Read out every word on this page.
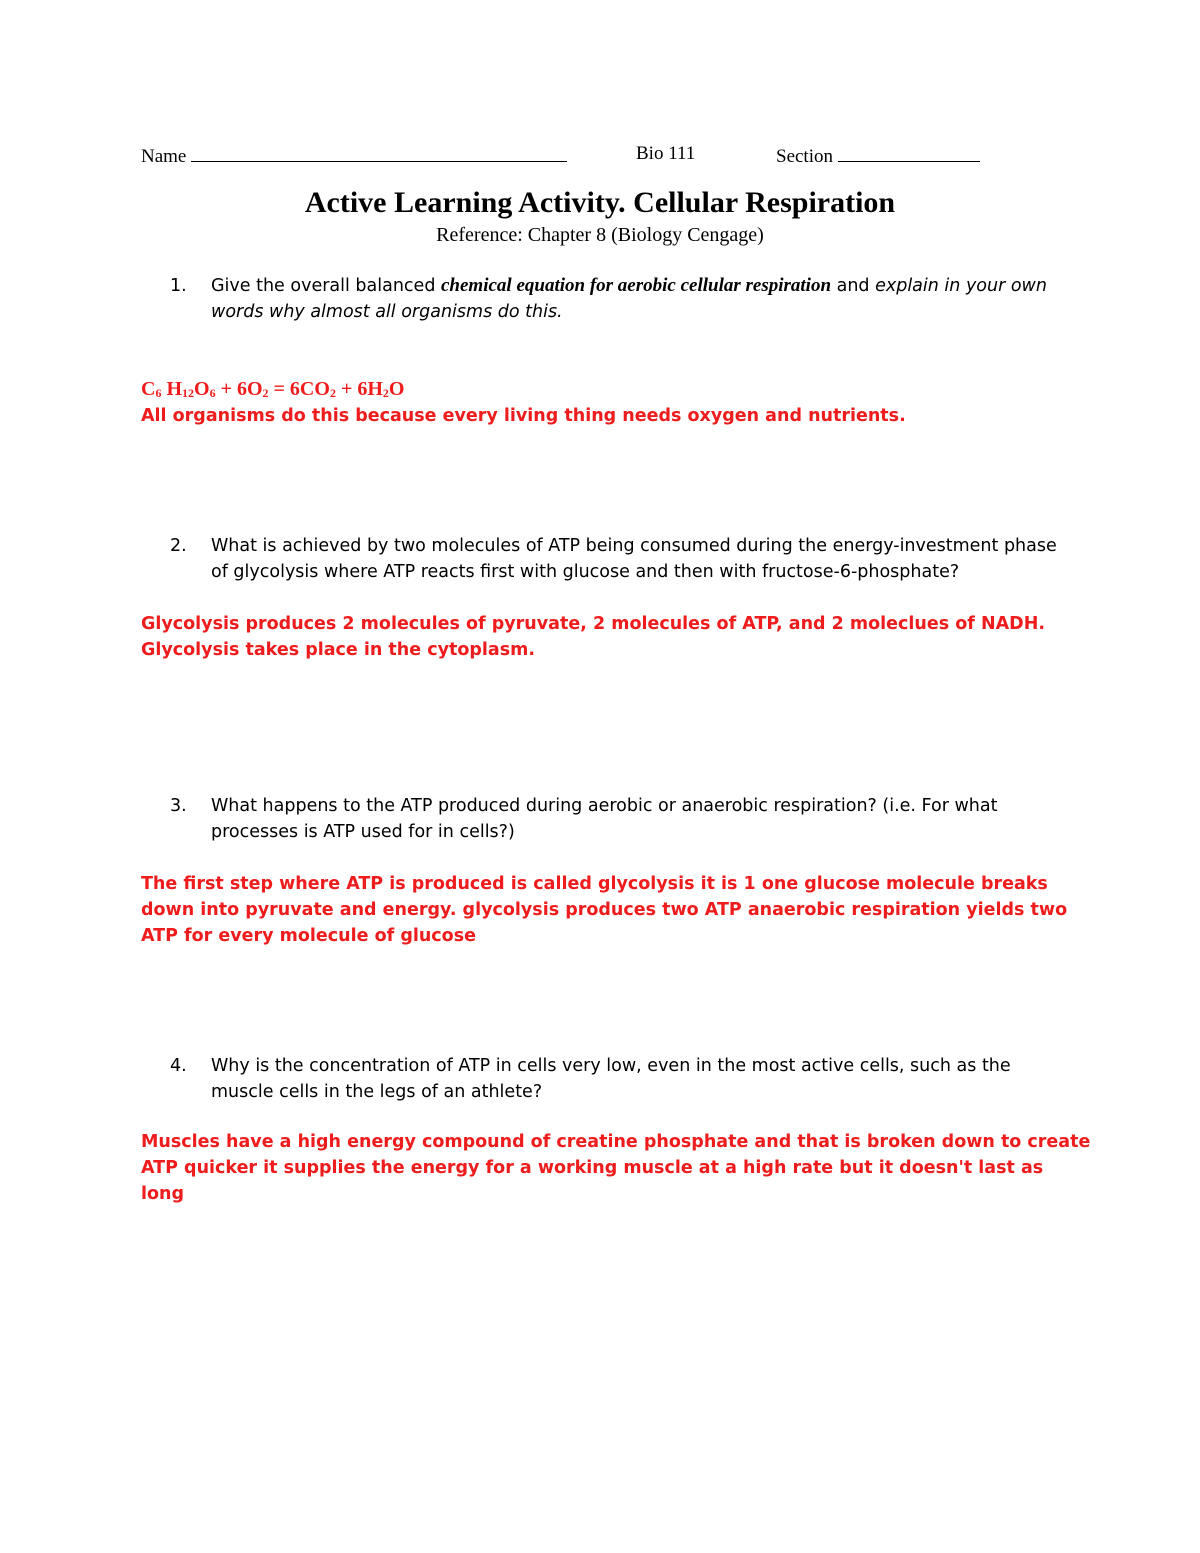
Name	Bio 111	Section
Active Learning Activity. Cellular Respiration
Reference: Chapter 8 (Biology Cengage)
1.	Give the overall balanced chemical equation for aerobic cellular respiration and explain in your own words why almost all organisms do this.
$C_6$ $H_{12}O_6 + 6O_2 = 6CO_2 + 6H_2O$
All organisms do this because every living thing needs oxygen and nutrients.
2.	What is achieved by two molecules of ATP being consumed during the energy-investment phase of glycolysis where ATP reacts first with glucose and then with fructose-6-phosphate?
Glycolysis produces 2 molecules of pyruvate, 2 molecules of ATP, and 2 moleclues of NADH.
Glycolysis takes place in the cytoplasm.
3.	What happens to the ATP produced during aerobic or anaerobic respiration? (i.e. For what processes is ATP used for in cells?)
The first step where ATP is produced is called glycolysis it is 1 one glucose molecule breaks down into pyruvate and energy. glycolysis produces two ATP anaerobic respiration yields two ATP for every molecule of glucose
4.	Why is the concentration of ATP in cells very low, even in the most active cells, such as the muscle cells in the legs of an athlete?
Muscles have a high energy compound of creatine phosphate and that is broken down to create ATP quicker it supplies the energy for a working muscle at a high rate but it doesn't last as long
